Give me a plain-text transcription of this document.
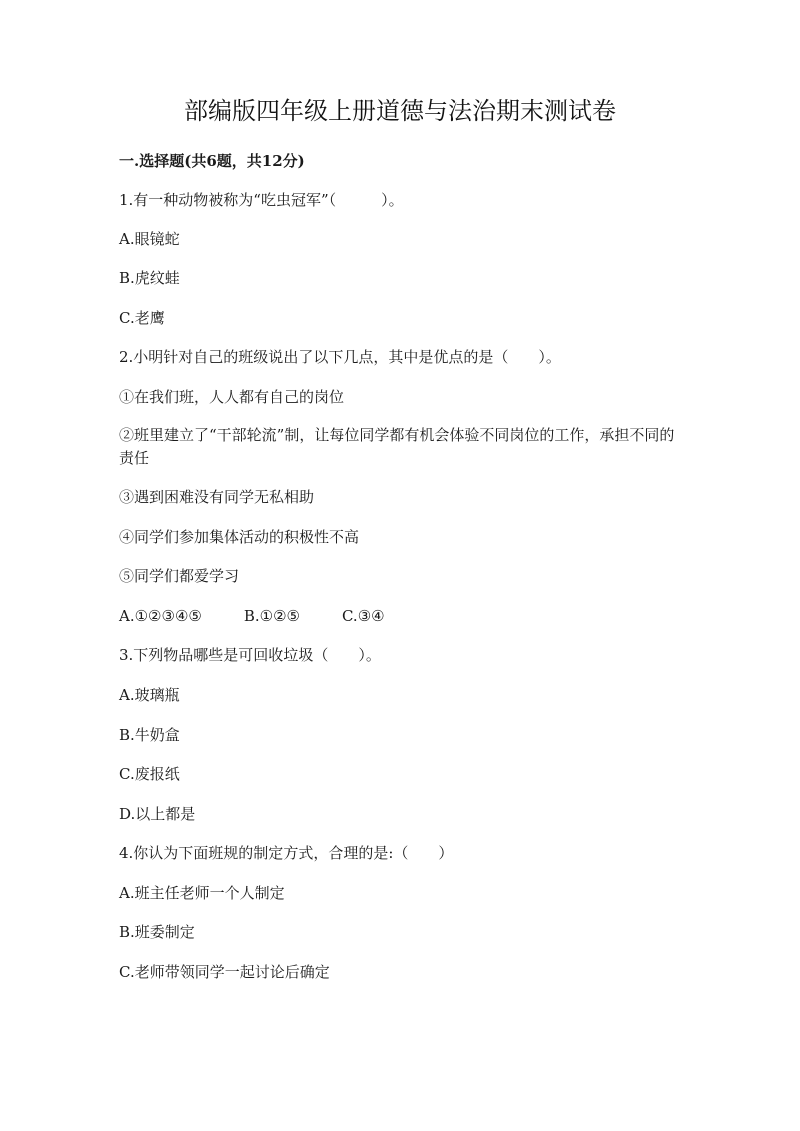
部编版四年级上册道德与法治期末测试卷
一.选择题(共6题，共12分)
1.有一种动物被称为“吃虫冠军”（　　　）。
A.眼镜蛇
B.虎纹蛙
C.老鹰
2.小明针对自己的班级说出了以下几点，其中是优点的是（　　）。
①在我们班，人人都有自己的岗位
②班里建立了“干部轮流”制，让每位同学都有机会体验不同岗位的工作，承担不同的责任
③遇到困难没有同学无私相助
④同学们参加集体活动的积极性不高
⑤同学们都爱学习
A.①②③④⑤	B.①②⑤	C.③④
3.下列物品哪些是可回收垃圾（　　）。
A.玻璃瓶
B.牛奶盒
C.废报纸
D.以上都是
4.你认为下面班规的制定方式，合理的是:（　　）
A.班主任老师一个人制定
B.班委制定
C.老师带领同学一起讨论后确定
